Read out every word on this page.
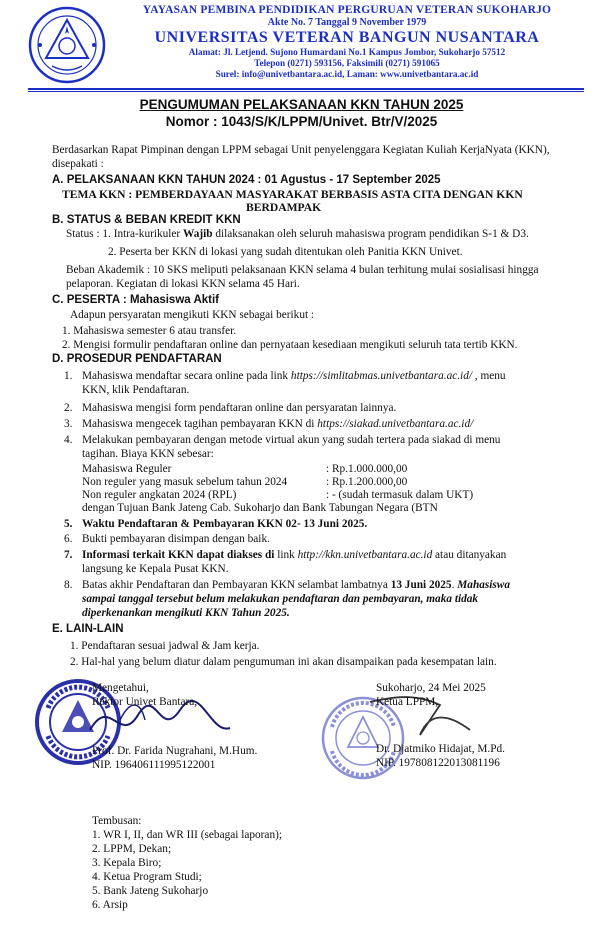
YAYASAN PEMBINA PENDIDIKAN PERGURUAN VETERAN SUKOHARJO
Akte No. 7 Tanggal 9 November 1979
UNIVERSITAS VETERAN BANGUN NUSANTARA
Alamat: Jl. Letjend. Sujono Humardani No.1 Kampus Jombor, Sukoharjo 57512
Telepon (0271) 593156, Faksimili (0271) 591065
Surel: info@univetbantara.ac.id, Laman: www.univetbantara.ac.id
PENGUMUMAN PELAKSANAAN KKN TAHUN 2025
Nomor : 1043/S/K/LPPM/Univet. Btr/V/2025
Berdasarkan Rapat Pimpinan dengan LPPM sebagai Unit penyelenggara Kegiatan Kuliah KerjaNyata (KKN),
disepakati :
A. PELAKSANAAN KKN TAHUN 2024 : 01 Agustus - 17 September 2025
TEMA KKN : PEMBERDAYAAN MASYARAKAT BERBASIS ASTA CITA DENGAN KKN
BERDAMPAK
B. STATUS & BEBAN KREDIT KKN
Status : 1. Intra-kurikuler Wajib dilaksanakan oleh seluruh mahasiswa program pendidikan S-1 & D3.
2. Peserta ber KKN di lokasi yang sudah ditentukan oleh Panitia KKN Univet.
Beban Akademik : 10 SKS meliputi pelaksanaan KKN selama 4 bulan terhitung mulai sosialisasi hingga
pelaporan. Kegiatan di lokasi KKN selama 45 Hari.
C. PESERTA : Mahasiswa Aktif
Adapun persyaratan mengikuti KKN sebagai berikut :
1. Mahasiswa semester 6 atau transfer.
2. Mengisi formulir pendaftaran online dan pernyataan kesediaan mengikuti seluruh tata tertib KKN.
D. PROSEDUR PENDAFTARAN
1. Mahasiswa mendaftar secara online pada link https://simlitabmas.univetbantara.ac.id/ , menu
KKN, klik Pendaftaran.
2. Mahasiswa mengisi form pendaftaran online dan persyaratan lainnya.
3. Mahasiswa mengecek tagihan pembayaran KKN di https://siakad.univetbantara.ac.id/
4. Melakukan pembayaran dengan metode virtual akun yang sudah tertera pada siakad di menu
tagihan. Biaya KKN sebesar:
Mahasiswa Reguler	: Rp.1.000.000,00
Non reguler yang masuk sebelum tahun 2024	: Rp.1.200.000,00
Non reguler angkatan 2024 (RPL)	: - (sudah termasuk dalam UKT)
dengan Tujuan Bank Jateng Cab. Sukoharjo dan Bank Tabungan Negara (BTN
5. Waktu Pendaftaran & Pembayaran KKN 02- 13 Juni 2025.
6. Bukti pembayaran disimpan dengan baik.
7. Informasi terkait KKN dapat diakses di link http://kkn.univetbantara.ac.id atau ditanyakan
langsung ke Kepala Pusat KKN.
8. Batas akhir Pendaftaran dan Pembayaran KKN selambat lambatnya 13 Juni 2025. Mahasiswa
sampai tanggal tersebut belum melakukan pendaftaran dan pembayaran, maka tidak
diperkenankan mengikuti KKN Tahun 2025.
E. LAIN-LAIN
1. Pendaftaran sesuai jadwal & Jam kerja.
2. Hal-hal yang belum diatur dalam pengumuman ini akan disampaikan pada kesempatan lain.
Mengetahui,
Rektor Univet Bantara,
Prof. Dr. Farida Nugrahani, M.Hum.
NIP. 196406111995122001
Sukoharjo, 24 Mei 2025
Ketua LPPM,
Dr. Djatmiko Hidajat, M.Pd.
NIP. 197808122013081196
Tembusan:
1. WR I, II, dan WR III (sebagai laporan);
2. LPPM, Dekan;
3. Kepala Biro;
4. Ketua Program Studi;
5. Bank Jateng Sukoharjo
6. Arsip
